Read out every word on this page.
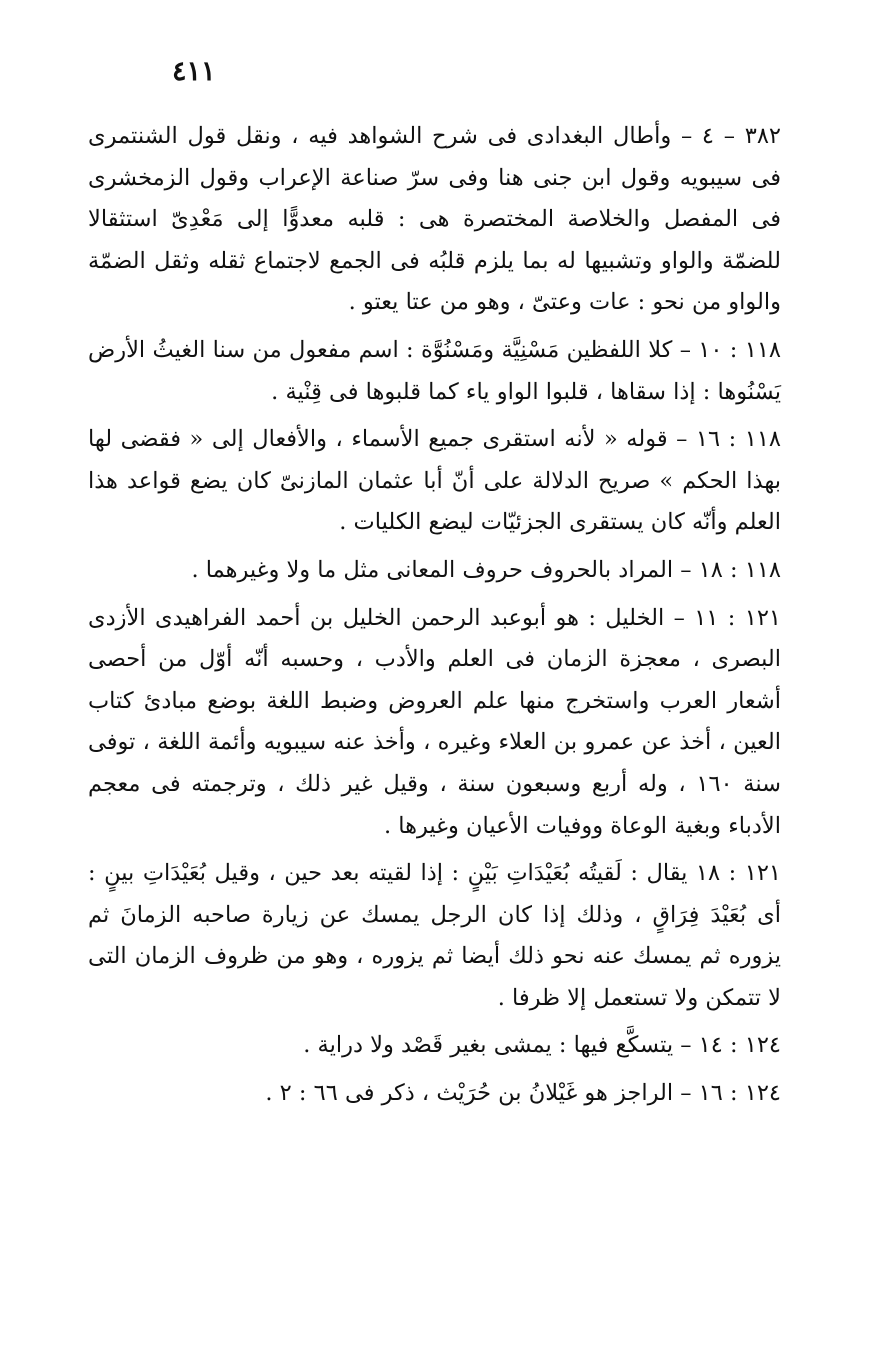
٤١١

٣٨٢ – ٤ – وأطال البغدادى فى شرح الشواهد فيه ، ونقل قول الشنتمرى فى سيبويه وقول ابن جنى هنا وفى سرّ صناعة الإعراب وقول الزمخشرى فى المفصل والخلاصة المختصرة هى : قلبه معدوًّا إلى مَعْدِىّ استثقالا للضمّة والواو وتشبيها له بما يلزم قلبُه فى الجمع لاجتماع ثقله وثقل الضمّة والواو من نحو : عات وعتىّ ، وهو من عتا يعتو .

١١٨ : ١٠ – كلا اللفظين مَسْنِيَّة ومَسْنُوَّة : اسم مفعول من سنا الغيثُ الأرض يَسْنُوها : إذا سقاها ، قلبوا الواو ياء كما قلبوها فى قِنْية .

١١٨ : ١٦ – قوله « لأنه استقرى جميع الأسماء ، والأفعال إلى « فقضى لها بهذا الحكم » صريح الدلالة على أنّ أبا عثمان المازنىّ كان يضع قواعد هذا العلم وأنّه كان يستقرى الجزئيّات ليضع الكليات .

١١٨ : ١٨ – المراد بالحروف حروف المعانى مثل ما ولا وغيرهما .

١٢١ : ١١ – الخليل : هو أبوعبد الرحمن الخليل بن أحمد الفراهيدى الأزدى البصرى ، معجزة الزمان فى العلم والأدب ، وحسبه أنّه أوّل من أحصى أشعار العرب واستخرج منها علم العروض وضبط اللغة بوضع مبادئ كتاب العين ، أخذ عن عمرو بن العلاء وغيره ، وأخذ عنه سيبويه وأئمة اللغة ، توفى سنة ١٦٠ ، وله أربع وسبعون سنة ، وقيل غير ذلك ، وترجمته فى معجم الأدباء وبغية الوعاة ووفيات الأعيان وغيرها .

١٢١ : ١٨ يقال : لَقيتُه بُعَيْدَاتِ بَيْنٍ : إذا لقيته بعد حين ، وقيل بُعَيْدَاتِ بينٍ : أى بُعَيْدَ فِرَاقٍ ، وذلك إذا كان الرجل يمسك عن زيارة صاحبه الزمانَ ثم يزوره ثم يمسك عنه نحو ذلك أيضا ثم يزوره ، وهو من ظروف الزمان التى لا تتمكن ولا تستعمل إلا ظرفا .

١٢٤ : ١٤ – يتسكَّع فيها : يمشى بغير قَصْد ولا دراية .

١٢٤ : ١٦ – الراجز هو غَيْلانُ بن حُرَيْث ، ذكر فى ٦٦ : ٢ .
